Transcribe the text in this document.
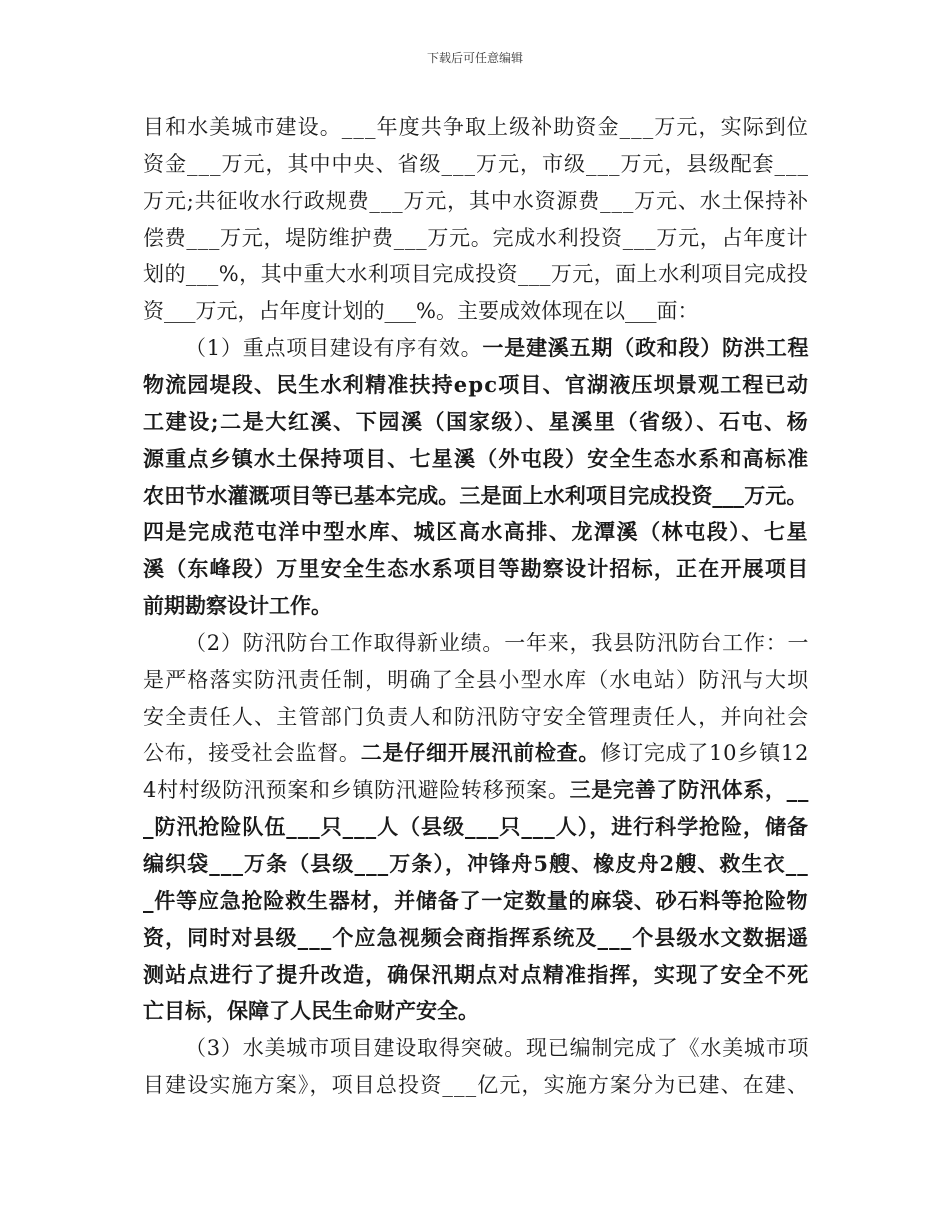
下载后可任意编辑
目和水美城市建设。___年度共争取上级补助资金___万元，实际到位
资金___万元，其中中央、省级___万元，市级___万元，县级配套___
万元;共征收水行政规费___万元，其中水资源费___万元、水土保持补
偿费___万元，堤防维护费___万元。完成水利投资___万元，占年度计
划的___%，其中重大水利项目完成投资___万元，面上水利项目完成投
资___万元，占年度计划的___%。主要成效体现在以___面：
（1）重点项目建设有序有效。一是建溪五期（政和段）防洪工程
物流园堤段、民生水利精准扶持epc项目、官湖液压坝景观工程已动
工建设;二是大红溪、下园溪（国家级）、星溪里（省级）、石屯、杨
源重点乡镇水土保持项目、七星溪（外屯段）安全生态水系和高标准
农田节水灌溉项目等已基本完成。三是面上水利项目完成投资___万元。
四是完成范屯洋中型水库、城区高水高排、龙潭溪（林屯段）、七星
溪（东峰段）万里安全生态水系项目等勘察设计招标，正在开展项目
前期勘察设计工作。
（2）防汛防台工作取得新业绩。一年来，我县防汛防台工作：一
是严格落实防汛责任制，明确了全县小型水库（水电站）防汛与大坝
安全责任人、主管部门负责人和防汛防守安全管理责任人，并向社会
公布，接受社会监督。二是仔细开展汛前检查。修订完成了10乡镇12
4村村级防汛预案和乡镇防汛避险转移预案。三是完善了防汛体系，__
_防汛抢险队伍___只___人（县级___只___人），进行科学抢险，储备
编织袋___万条（县级___万条），冲锋舟5艘、橡皮舟2艘、救生衣__
_件等应急抢险救生器材，并储备了一定数量的麻袋、砂石料等抢险物
资，同时对县级___个应急视频会商指挥系统及___个县级水文数据遥
测站点进行了提升改造，确保汛期点对点精准指挥，实现了安全不死
亡目标，保障了人民生命财产安全。
（3）水美城市项目建设取得突破。现已编制完成了《水美城市项
目建设实施方案》，项目总投资___亿元，实施方案分为已建、在建、
